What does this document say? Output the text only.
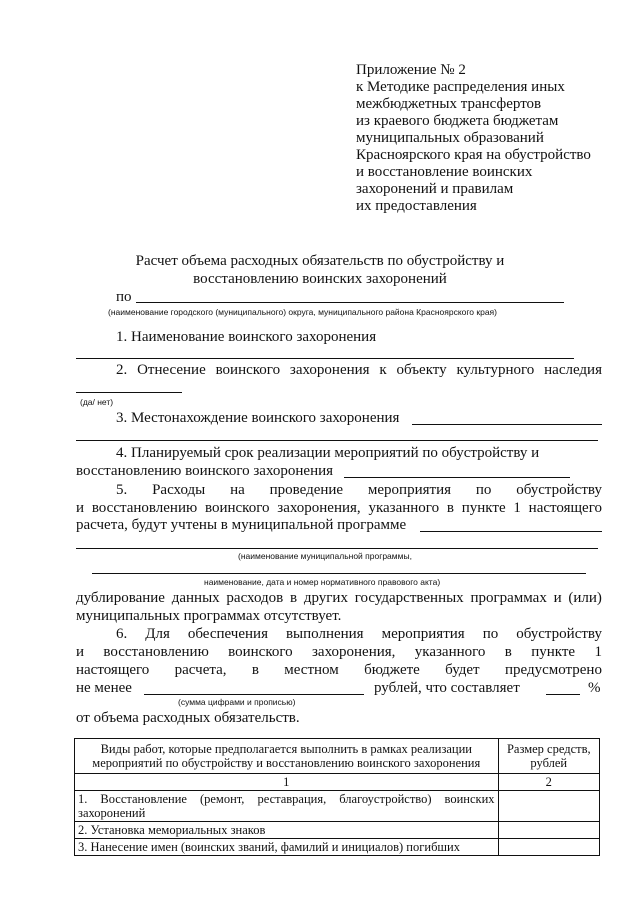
Приложение № 2
к Методике распределения иных
межбюджетных трансфертов
из краевого бюджета бюджетам
муниципальных образований
Красноярского края на обустройство
и восстановление воинских
захоронений и правилам
их предоставления
Расчет объема расходных обязательств по обустройству и
восстановлению воинских захоронений
по
(наименование городского (муниципального) округа, муниципального района Красноярского края)
1. Наименование воинского захоронения
2. Отнесение воинского захоронения к объекту культурного наследия
(да/ нет)
3. Местонахождение воинского захоронения
4. Планируемый срок реализации мероприятий по обустройству и
восстановлению воинского захоронения
5. Расходы на проведение мероприятия по обустройству
и восстановлению воинского захоронения, указанного в пункте 1 настоящего
расчета, будут учтены в муниципальной программе
(наименование муниципальной программы,
наименование, дата и номер нормативного правового акта)
дублирование данных расходов в других государственных программах и (или)
муниципальных программах отсутствует.
6. Для обеспечения выполнения мероприятия по обустройству
и восстановлению воинского захоронения, указанного в пункте 1
настоящего расчета, в местном бюджете будет предусмотрено
не менее	рублей, что составляет	%
(сумма цифрами и прописью)
от объема расходных обязательств.
Виды работ, которые предполагается выполнить в рамках реализации мероприятий по обустройству и восстановлению воинского захоронения	Размер средств, рублей
1	2
1. Восстановление (ремонт, реставрация, благоустройство) воинских захоронений	
2. Установка мемориальных знаков	
3. Нанесение имен (воинских званий, фамилий и инициалов) погибших	
